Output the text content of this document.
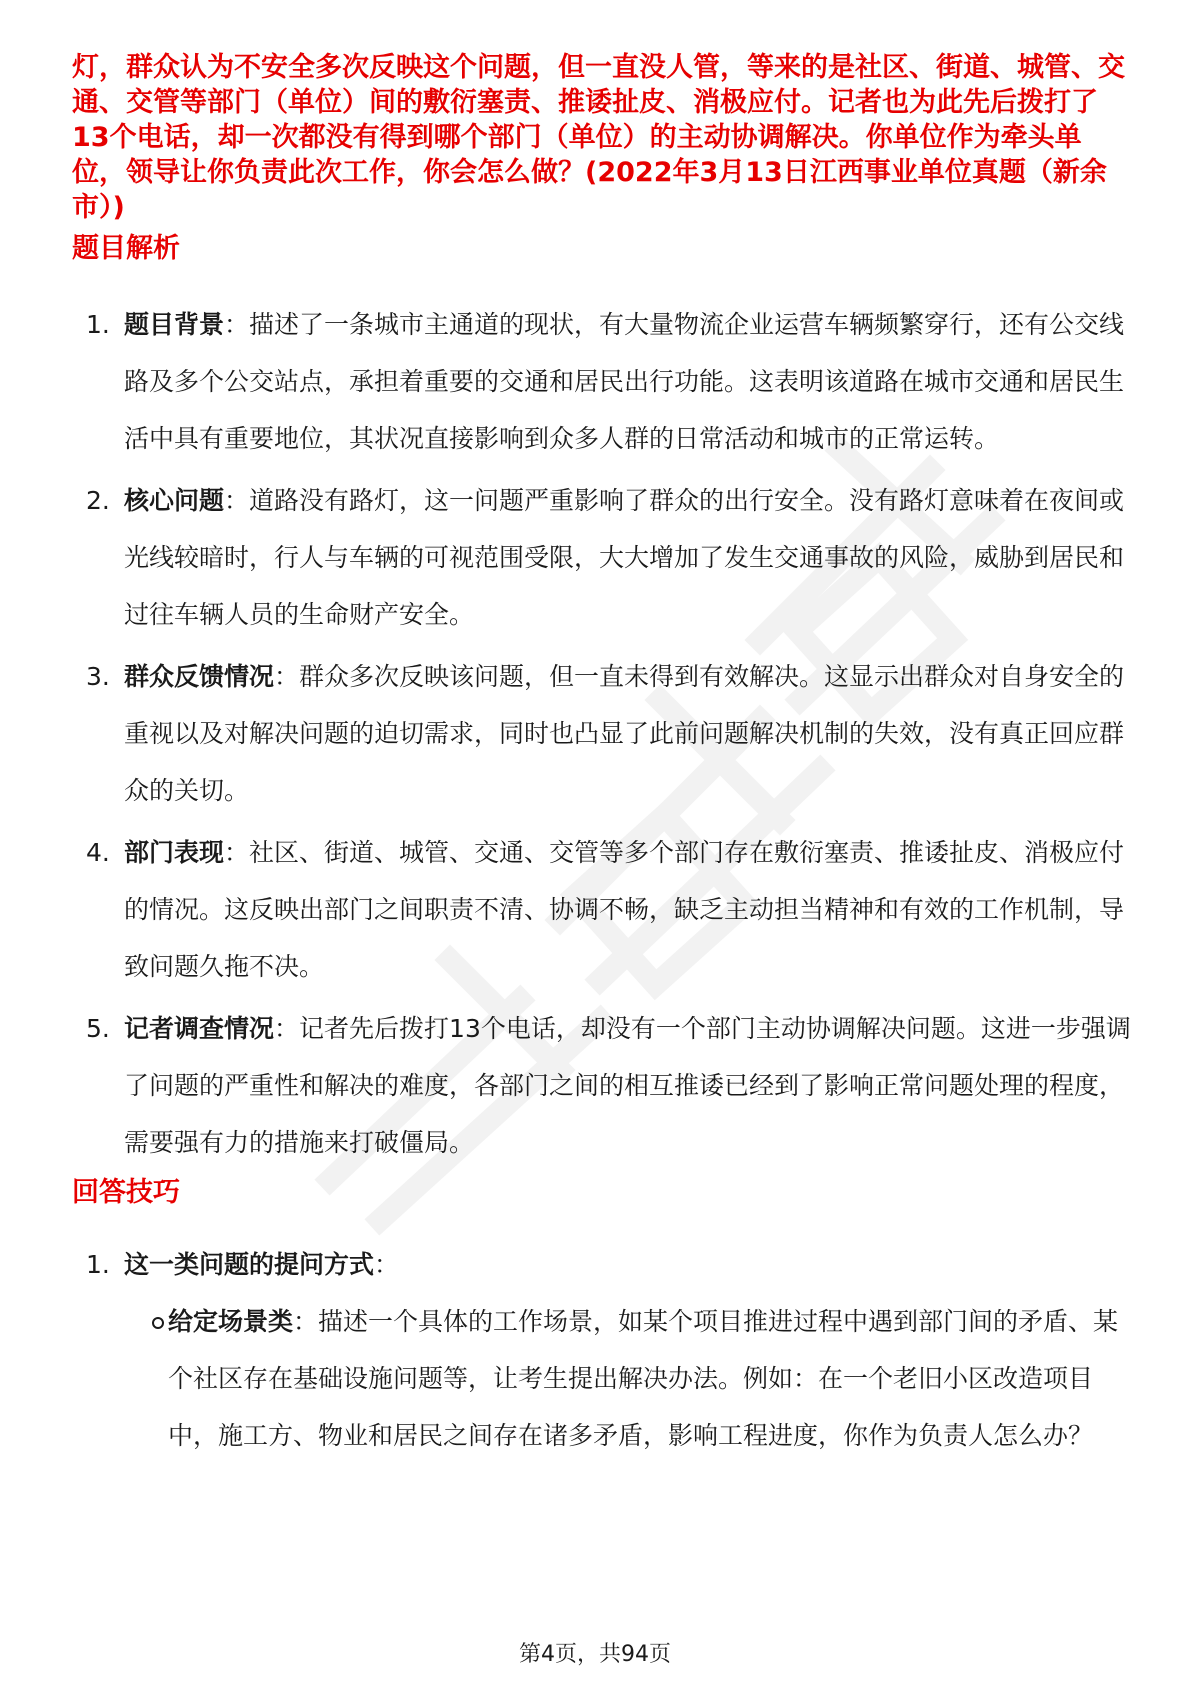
灯，群众认为不安全多次反映这个问题，但一直没人管，等来的是社区、街道、城管、交通、交管等部门（单位）间的敷衍塞责、推诿扯皮、消极应付。记者也为此先后拨打了13个电话，却一次都没有得到哪个部门（单位）的主动协调解决。你单位作为牵头单位，领导让你负责此次工作，你会怎么做？(2022年3月13日江西事业单位真题（新余市）)

题目解析
1. 题目背景：描述了一条城市主通道的现状，有大量物流企业运营车辆频繁穿行，还有公交线路及多个公交站点，承担着重要的交通和居民出行功能。这表明该道路在城市交通和居民生活中具有重要地位，其状况直接影响到众多人群的日常活动和城市的正常运转。
2. 核心问题：道路没有路灯，这一问题严重影响了群众的出行安全。没有路灯意味着在夜间或光线较暗时，行人与车辆的可视范围受限，大大增加了发生交通事故的风险，威胁到居民和过往车辆人员的生命财产安全。
3. 群众反馈情况：群众多次反映该问题，但一直未得到有效解决。这显示出群众对自身安全的重视以及对解决问题的迫切需求，同时也凸显了此前问题解决机制的失效，没有真正回应群众的关切。
4. 部门表现：社区、街道、城管、交通、交管等多个部门存在敷衍塞责、推诿扯皮、消极应付的情况。这反映出部门之间职责不清、协调不畅，缺乏主动担当精神和有效的工作机制，导致问题久拖不决。
5. 记者调查情况：记者先后拨打13个电话，却没有一个部门主动协调解决问题。这进一步强调了问题的严重性和解决的难度，各部门之间的相互推诿已经到了影响正常问题处理的程度，需要强有力的措施来打破僵局。
回答技巧
1. 这一类问题的提问方式：
给定场景类：描述一个具体的工作场景，如某个项目推进过程中遇到部门间的矛盾、某个社区存在基础设施问题等，让考生提出解决办法。例如：在一个老旧小区改造项目中，施工方、物业和居民之间存在诸多矛盾，影响工程进度，你作为负责人怎么办？
第4页，共94页
